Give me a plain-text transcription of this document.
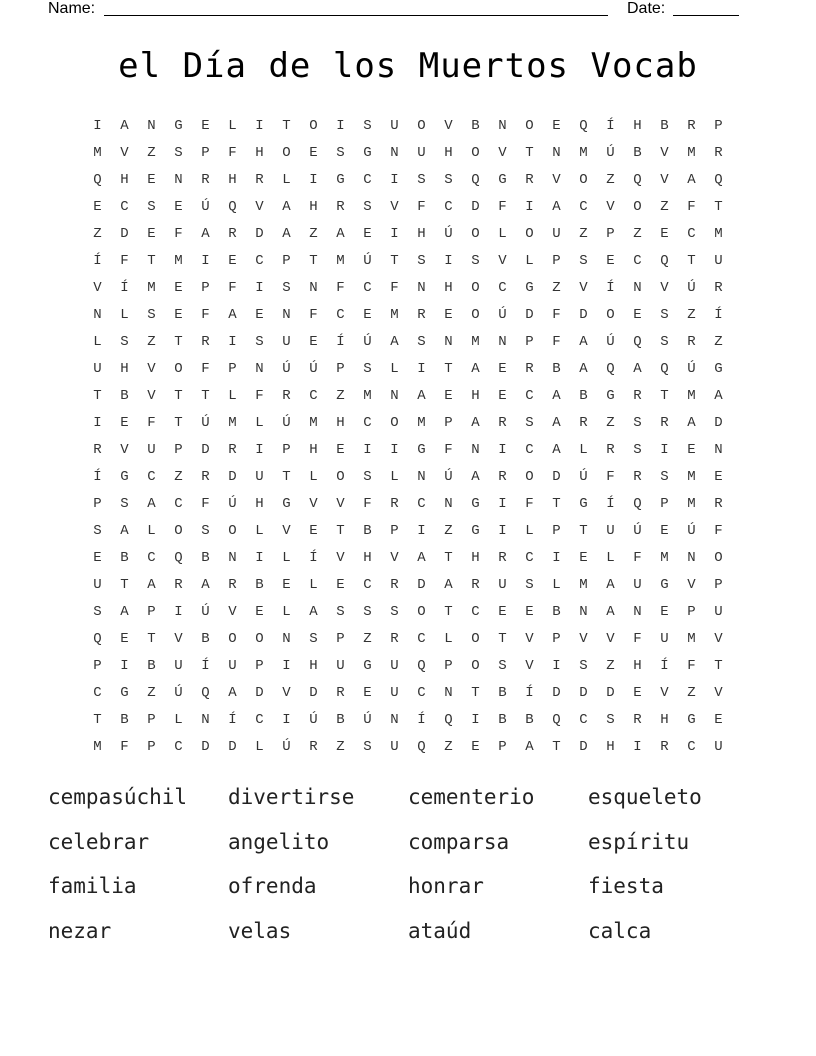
Name:	Date:
el Día de los Muertos Vocab
I	A	N	G	E	L	I	T	O	I	S	U	O	V	B	N	O	E	Q	Í	H	B	R	P
M	V	Z	S	P	F	H	O	E	S	G	N	U	H	O	V	T	N	M	Ú	B	V	M	R
Q	H	E	N	R	H	R	L	I	G	C	I	S	S	Q	G	R	V	O	Z	Q	V	A	Q
E	C	S	E	Ú	Q	V	A	H	R	S	V	F	C	D	F	I	A	C	V	O	Z	F	T
Z	D	E	F	A	R	D	A	Z	A	E	I	H	Ú	O	L	O	U	Z	P	Z	E	C	M
Í	F	T	M	I	E	C	P	T	M	Ú	T	S	I	S	V	L	P	S	E	C	Q	T	U
V	Í	M	E	P	F	I	S	N	F	C	F	N	H	O	C	G	Z	V	Í	N	V	Ú	R
N	L	S	E	F	A	E	N	F	C	E	M	R	E	O	Ú	D	F	D	O	E	S	Z	Í
L	S	Z	T	R	I	S	U	E	Í	Ú	A	S	N	M	N	P	F	A	Ú	Q	S	R	Z
U	H	V	O	F	P	N	Ú	Ú	P	S	L	I	T	A	E	R	B	A	Q	A	Q	Ú	G
T	B	V	T	T	L	F	R	C	Z	M	N	A	E	H	E	C	A	B	G	R	T	M	A
I	E	F	T	Ú	M	L	Ú	M	H	C	O	M	P	A	R	S	A	R	Z	S	R	A	D
R	V	U	P	D	R	I	P	H	E	I	I	G	F	N	I	C	A	L	R	S	I	E	N
Í	G	C	Z	R	D	U	T	L	O	S	L	N	Ú	A	R	O	D	Ú	F	R	S	M	E
P	S	A	C	F	Ú	H	G	V	V	F	R	C	N	G	I	F	T	G	Í	Q	P	M	R
S	A	L	O	S	O	L	V	E	T	B	P	I	Z	G	I	L	P	T	U	Ú	E	Ú	F
E	B	C	Q	B	N	I	L	Í	V	H	V	A	T	H	R	C	I	E	L	F	M	N	O
U	T	A	R	A	R	B	E	L	E	C	R	D	A	R	U	S	L	M	A	U	G	V	P
S	A	P	I	Ú	V	E	L	A	S	S	S	O	T	C	E	E	B	N	A	N	E	P	U
Q	E	T	V	B	O	O	N	S	P	Z	R	C	L	O	T	V	P	V	V	F	U	M	V
P	I	B	U	Í	U	P	I	H	U	G	U	Q	P	O	S	V	I	S	Z	H	Í	F	T
C	G	Z	Ú	Q	A	D	V	D	R	E	U	C	N	T	B	Í	D	D	D	E	V	Z	V
T	B	P	L	N	Í	C	I	Ú	B	Ú	N	Í	Q	I	B	B	Q	C	S	R	H	G	E
M	F	P	C	D	D	L	Ú	R	Z	S	U	Q	Z	E	P	A	T	D	H	I	R	C	U
cempasúchil	divertirse	cementerio	esqueleto
celebrar	angelito	comparsa	espíritu
familia	ofrenda	honrar	fiesta
nezar	velas	ataúd	calca
